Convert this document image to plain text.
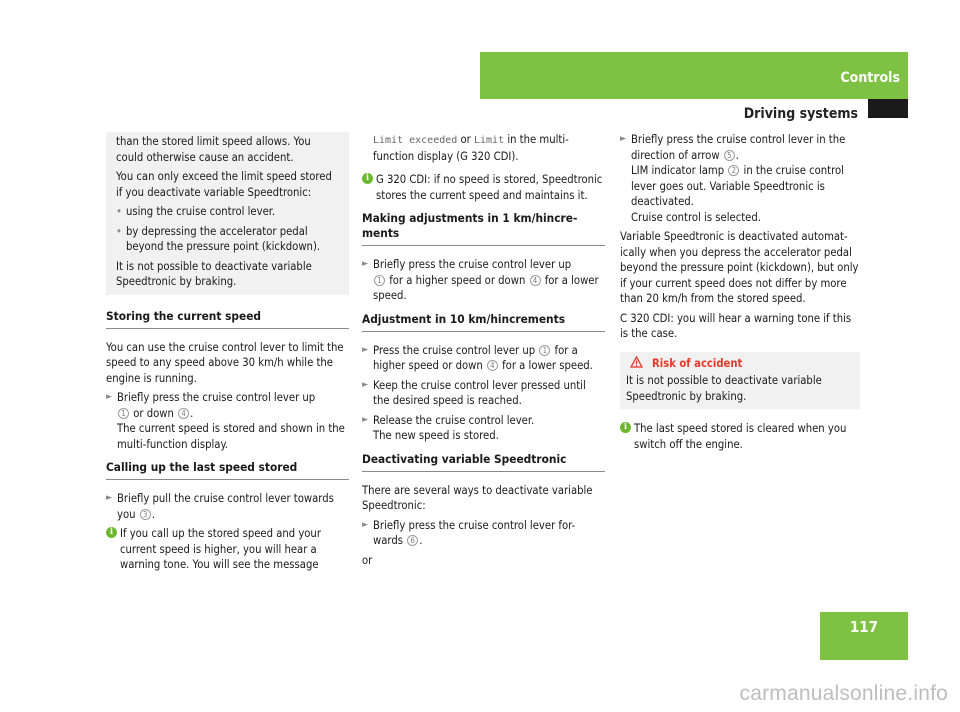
Controls
Driving systems

than the stored limit speed allows. You could otherwise cause an accident.

You can only exceed the limit speed stored if you deactivate variable Speedtronic:

• using the cruise control lever.
• by depressing the accelerator pedal beyond the pressure point (kickdown).

It is not possible to deactivate variable Speedtronic by braking.

Storing the current speed

You can use the cruise control lever to limit the speed to any speed above 30 km/h while the engine is running.

► Briefly press the cruise control lever up
1 or down 4 .
The current speed is stored and shown in the multi-function display.
Calling up the last speed stored
► Briefly pull the cruise control lever towards you 3 .
i If you call up the stored speed and your current speed is higher, you will hear a warning tone. You will see the message

Limit exceeded or Limit in the multi-function display (G 320 CDI).

i G 320 CDI: if no speed is stored, Speedtronic stores the current speed and maintains it.
Making adjustments in 1 km/hincre-ments
► Briefly press the cruise control lever up
1 for a higher speed or down 4 for a lower speed.
Adjustment in 10 km/hincrements
► Press the cruise control lever up 1 for a higher speed or down 4 for a lower speed.
► Keep the cruise control lever pressed until the desired speed is reached.
► Release the cruise control lever.
The new speed is stored.
Deactivating variable Speedtronic

There are several ways to deactivate variable Speedtronic:

► Briefly press the cruise control lever for-wards 6 .

or

► Briefly press the cruise control lever in the direction of arrow 5 .
LIM indicator lamp 2 in the cruise control lever goes out. Variable Speedtronic is deactivated.
Cruise control is selected.

Variable Speedtronic is deactivated automat-ically when you depress the accelerator pedal beyond the pressure point (kickdown), but only if your current speed does not differ by more than 20 km/h from the stored speed.

C 320 CDI: you will hear a warning tone if this is the case.

Risk of accident
It is not possible to deactivate variable Speedtronic by braking.
i The last speed stored is cleared when you switch off the engine.
117
carmanualsonline.info
